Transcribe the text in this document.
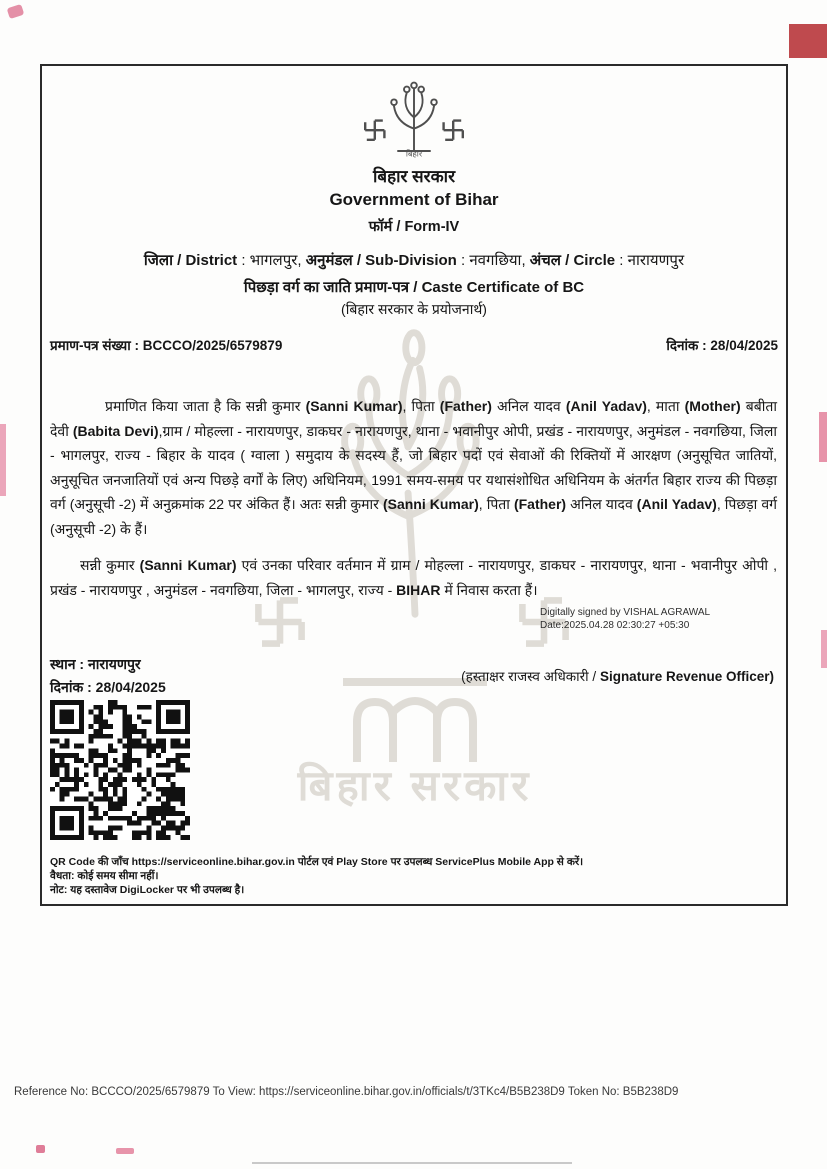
बिहार सरकार
बिहार
बिहार सरकार
Government of Bihar
फॉर्म / Form-IV
जिला / District : भागलपुर, अनुमंडल / Sub-Division : नवगछिया, अंचल / Circle : नारायणपुर
पिछड़ा वर्ग का जाति प्रमाण-पत्र / Caste Certificate of BC
(बिहार सरकार के प्रयोजनार्थ)
प्रमाण-पत्र संख्या : BCCCO/2025/6579879	दिनांक : 28/04/2025

प्रमाणित किया जाता है कि सन्नी कुमार (Sanni Kumar), पिता (Father) अनिल यादव (Anil Yadav), माता (Mother) बबीता देवी (Babita Devi),ग्राम / मोहल्ला - नारायणपुर, डाकघर - नारायणपुर, थाना - भवानीपुर ओपी, प्रखंड - नारायणपुर, अनुमंडल - नवगछिया, जिला - भागलपुर, राज्य - बिहार के यादव ( ग्वाला ) समुदाय के सदस्य हैं, जो बिहार पदों एवं सेवाओं की रिक्तियों में आरक्षण (अनुसूचित जातियों, अनुसूचित जनजातियों एवं अन्य पिछड़े वर्गों के लिए) अधिनियम, 1991 समय-समय पर यथासंशोधित अधिनियम के अंतर्गत बिहार राज्य की पिछड़ा वर्ग (अनुसूची -2) में अनुक्रमांक 22 पर अंकित हैं। अतः सन्नी कुमार (Sanni Kumar), पिता (Father) अनिल यादव (Anil Yadav), पिछड़ा वर्ग (अनुसूची -2) के हैं।

सन्नी कुमार (Sanni Kumar) एवं उनका परिवार वर्तमान में ग्राम / मोहल्ला - नारायणपुर, डाकघर - नारायणपुर, थाना - भवानीपुर ओपी , प्रखंड - नारायणपुर , अनुमंडल - नवगछिया, जिला - भागलपुर, राज्य - BIHAR में निवास करता हैं।

Digitally signed by VISHAL AGRAWAL
Date:2025.04.28 02:30:27 +05:30
स्थान : नारायणपुर
दिनांक : 28/04/2025
(हस्ताक्षर राजस्व अधिकारी / Signature Revenue Officer)
QR Code की जाँच https://serviceonline.bihar.gov.in पोर्टल एवं Play Store पर उपलब्ध ServicePlus Mobile App से करें।
वैधता: कोई समय सीमा नहीं।
नोट: यह दस्तावेज DigiLocker पर भी उपलब्ध है।
Reference No: BCCCO/2025/6579879 To View: https://serviceonline.bihar.gov.in/officials/t/3TKc4/B5B238D9 Token No: B5B238D9
